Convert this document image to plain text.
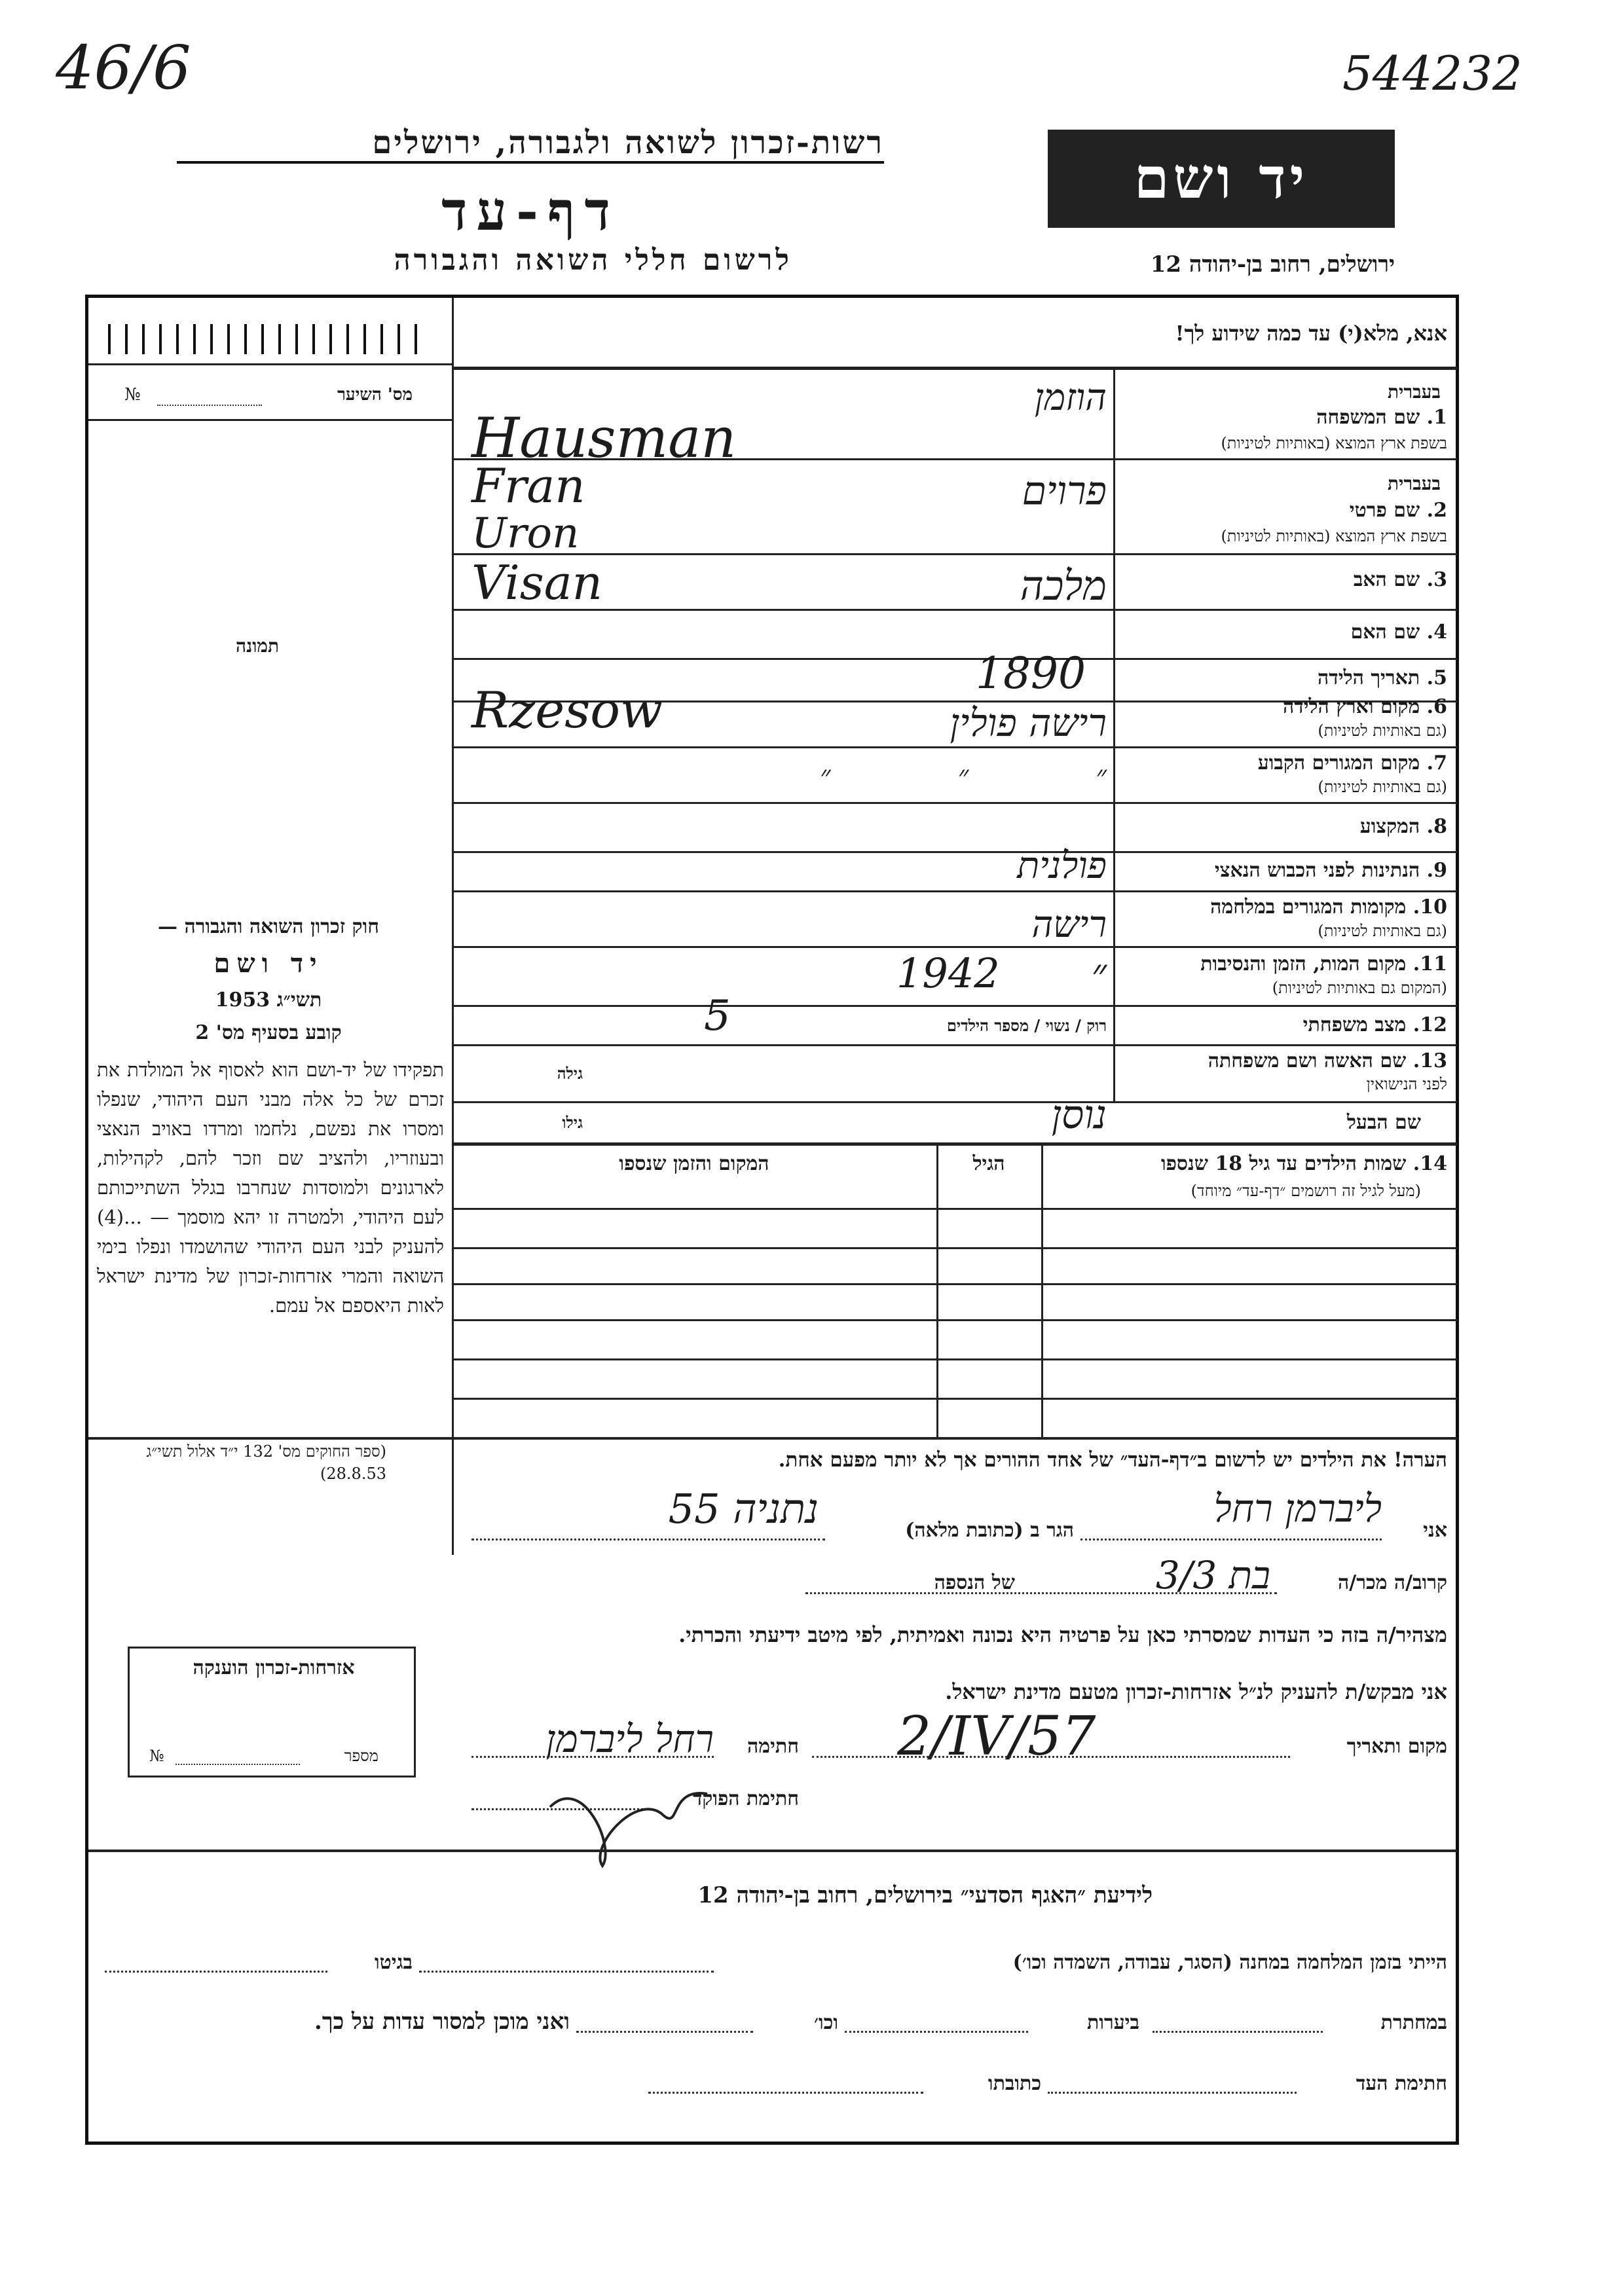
46/6	544232
רשות-זכרון לשואה ולגבורה, ירושלים
דף-עד
לרשום חללי השואה והגבורה
יד ושם
ירושלים, רחוב בן-יהודה 12
מס' השיער
№
תמונה
חוק זכרון השואה והגבורה —
יד ושם
תשי״ג 1953
קובע בסעיף מס' 2
תפקידו של יד-ושם הוא לאסוף אל המולדת את זכרם של כל אלה מבני העם היהודי, שנפלו ומסרו את נפשם, נלחמו ומרדו באויב הנאצי ובעוזריו, ולהציב שם וזכר להם, לקהילות, לארגונים ולמוסדות שנחרבו בגלל השתייכותם לעם היהודי, ולמטרה זו יהא מוסמך — ...(4) להעניק לבני העם היהודי שהושמדו ונפלו בימי השואה והמרי אזרחות-זכרון של מדינת ישראל לאות היאספם אל עמם.
(ספר החוקים מס' 132 י״ד אלול תשי״ג 28.8.53)
אזרחות-זכרון הוענקה
מספר
№
אנא, מלא(י) עד כמה שידוע לך!
בעברית
1. שם המשפחה
בשפת ארץ המוצא (באותיות לטיניות)
הוזמן
Hausman
בעברית
2. שם פרטי
בשפת ארץ המוצא (באותיות לטיניות)
פרוים
Fran
3. שם האב
Uron
4. שם האם
מלכה
Visan
5. תאריך הלידה
1890
6. מקום וארץ הלידה
(גם באותיות לטיניות)
רישה פולין
Rzesow
7. מקום המגורים הקבוע
(גם באותיות לטיניות)
״ ״ ״
8. המקצוע
9. הנתינות לפני הכבוש הנאצי
פולנית
10. מקומות המגורים במלחמה
(גם באותיות לטיניות)
רישה
11. מקום המות, הזמן והנסיבות
(המקום גם באותיות לטיניות)
״ 1942
12. מצב משפחתי
רוק / נשוי / מספר הילדים
5
13. שם האשה ושם משפחתה
לפני הנישואין
גילה
שם הבעל
גילו	נוסן
14. שמות הילדים עד גיל 18 שנספו
(מעל לגיל זה רושמים ״דף-עד״ מיוחד)
הגיל
המקום והזמן שנספו
הערה! את הילדים יש לרשום ב״דף-העד״ של אחד ההורים אך לא יותר מפעם אחת.
אני
ליברמן רחל
הגר ב (כתובת מלאה)
נתניה 55
קרוב/ה מכר/ה
בת 3/3
של הנספה
מצהיר/ה בזה כי העדות שמסרתי כאן על פרטיה היא נכונה ואמיתית, לפי מיטב ידיעתי והכרתי.
אני מבקש/ת להעניק לנ״ל אזרחות-זכרון מטעם מדינת ישראל.
מקום ותאריך
2/IV/57
חתימה
רחל ליברמן
חתימת הפוקד
לידיעת ״האגף הסדעי״ בירושלים, רחוב בן-יהודה 12
הייתי בזמן המלחמה במחנה (הסגר, עבודה, השמדה וכו׳)
בגיטו
במחתרת
ביערות
וכו׳
ואני מוכן למסור עדות על כך.
חתימת העד
כתובתו
